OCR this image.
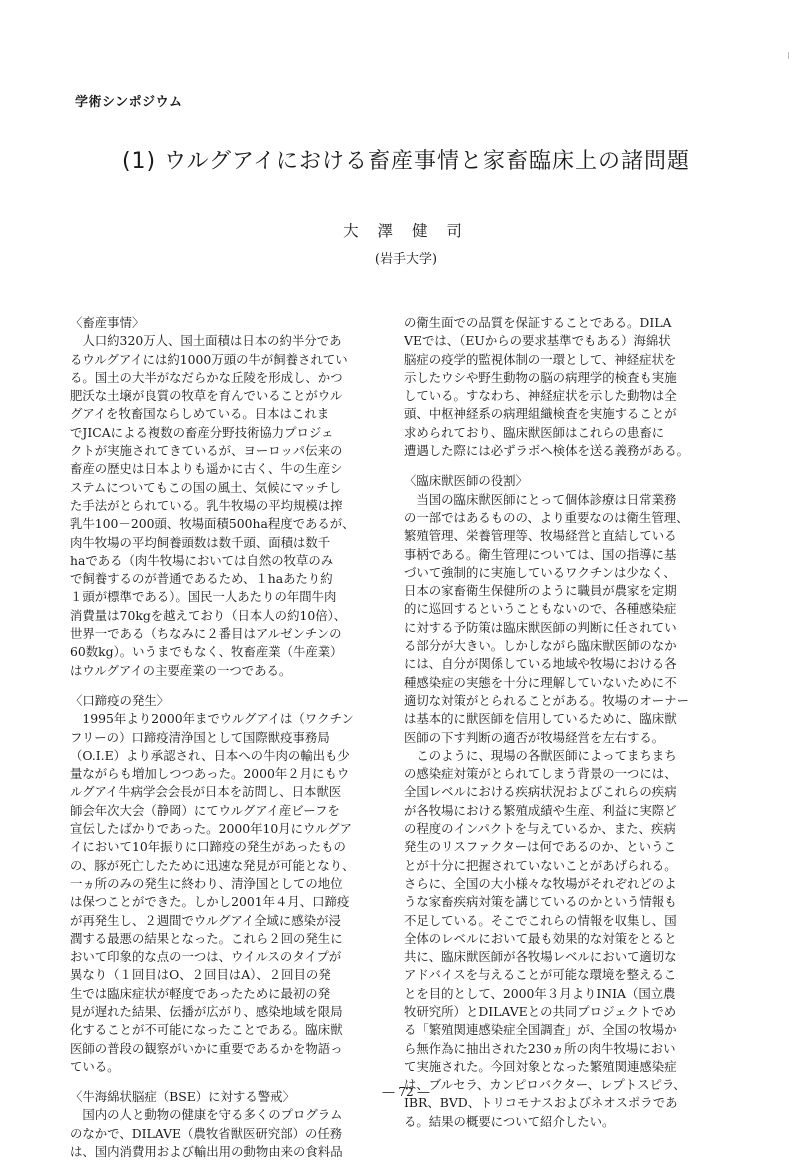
学術シンポジウム
(1) ウルグアイにおける畜産事情と家畜臨床上の諸問題
大 澤 健 司
(岩手大学)
〈畜産事情〉
　人口約320万人、国土面積は日本の約半分であ
るウルグアイには約1000万頭の牛が飼養されてい
る。国土の大半がなだらかな丘陵を形成し、かつ
肥沃な土壌が良質の牧草を育んでいることがウル
グアイを牧畜国ならしめている。日本はこれま
でJICAによる複数の畜産分野技術協力プロジェ
クトが実施されてきているが、ヨーロッパ伝来の
畜産の歴史は日本よりも遥かに古く、牛の生産シ
ステムについてもこの国の風土、気候にマッチし
た手法がとられている。乳牛牧場の平均規模は搾
乳牛100－200頭、牧場面積500ha程度であるが、
肉牛牧場の平均飼養頭数は数千頭、面積は数千
haである（肉牛牧場においては自然の牧草のみ
で飼養するのが普通であるため、１haあたり約
１頭が標準である）。国民一人あたりの年間牛肉
消費量は70kgを越えており（日本人の約10倍）、
世界一である（ちなみに２番目はアルゼンチンの
60数kg）。いうまでもなく、牧畜産業（牛産業）
はウルグアイの主要産業の一つである。
〈口蹄疫の発生〉
　1995年より2000年までウルグアイは（ワクチン
フリーの）口蹄疫清浄国として国際獣疫事務局
（O.I.E）より承認され、日本への牛肉の輸出も少
量ながらも増加しつつあった。2000年２月にもウ
ルグアイ牛病学会会長が日本を訪問し、日本獣医
師会年次大会（静岡）にてウルグアイ産ビーフを
宣伝したばかりであった。2000年10月にウルグア
イにおいて10年振りに口蹄疫の発生があったもの
の、豚が死亡したために迅速な発見が可能となり、
一ヵ所のみの発生に終わり、清浄国としての地位
は保つことができた。しかし2001年４月、口蹄疫
が再発生し、２週間でウルグアイ全域に感染が浸
潤する最悪の結果となった。これら２回の発生に
おいて印象的な点の一つは、ウイルスのタイプが
異なり（１回目はO、２回目はA）、２回目の発
生では臨床症状が軽度であったために最初の発
見が遅れた結果、伝播が広がり、感染地域を限局
化することが不可能になったことである。臨床獣
医師の普段の観察がいかに重要であるかを物語っ
ている。
〈牛海綿状脳症（BSE）に対する警戒〉
　国内の人と動物の健康を守る多くのプログラム
のなかで、DILAVE（農牧省獣医研究部）の任務
は、国内消費用および輸出用の動物由来の食料品
の衛生面での品質を保証することである。DILA
VEでは、（EUからの要求基準でもある）海綿状
脳症の疫学的監視体制の一環として、神経症状を
示したウシや野生動物の脳の病理学的検査も実施
している。すなわち、神経症状を示した動物は全
頭、中枢神経系の病理組織検査を実施することが
求められており、臨床獣医師はこれらの患畜に
遭遇した際には必ずラボへ検体を送る義務がある。
〈臨床獣医師の役割〉
　当国の臨床獣医師にとって個体診療は日常業務
の一部ではあるものの、より重要なのは衛生管理、
繁殖管理、栄養管理等、牧場経営と直結している
事柄である。衛生管理については、国の指導に基
づいて強制的に実施しているワクチンは少なく、
日本の家畜衛生保健所のように職員が農家を定期
的に巡回するということもないので、各種感染症
に対する予防策は臨床獣医師の判断に任されてい
る部分が大きい。しかしながら臨床獣医師のなか
には、自分が関係している地域や牧場における各
種感染症の実態を十分に理解していないために不
適切な対策がとられることがある。牧場のオーナー
は基本的に獣医師を信用しているために、臨床獣
医師の下す判断の適否が牧場経営を左右する。
　このように、現場の各獣医師によってまちまち
の感染症対策がとられてしまう背景の一つには、
全国レベルにおける疾病状況およびこれらの疾病
が各牧場における繁殖成績や生産、利益に実際ど
の程度のインパクトを与えているか、また、疾病
発生のリスファクターは何であるのか、というこ
とが十分に把握されていないことがあげられる。
さらに、全国の大小様々な牧場がそれぞれどのよ
うな家畜疾病対策を講じているのかという情報も
不足している。そこでこれらの情報を収集し、国
全体のレベルにおいて最も効果的な対策をとると
共に、臨床獣医師が各牧場レベルにおいて適切な
アドバイスを与えることが可能な環境を整えるこ
とを目的として、2000年３月よりINIA（国立農
牧研究所）とDILAVEとの共同プロジェクトでめ
る「繁殖関連感染症全国調査」が、全国の牧場か
ら無作為に抽出された230ヵ所の肉牛牧場におい
て実施された。今回対象となった繁殖関連感染症
は、ブルセラ、カンピロバクター、レプトスピラ、
IBR、BVD、トリコモナスおよびネオスポラであ
る。結果の概要について紹介したい。
― 72 ―
